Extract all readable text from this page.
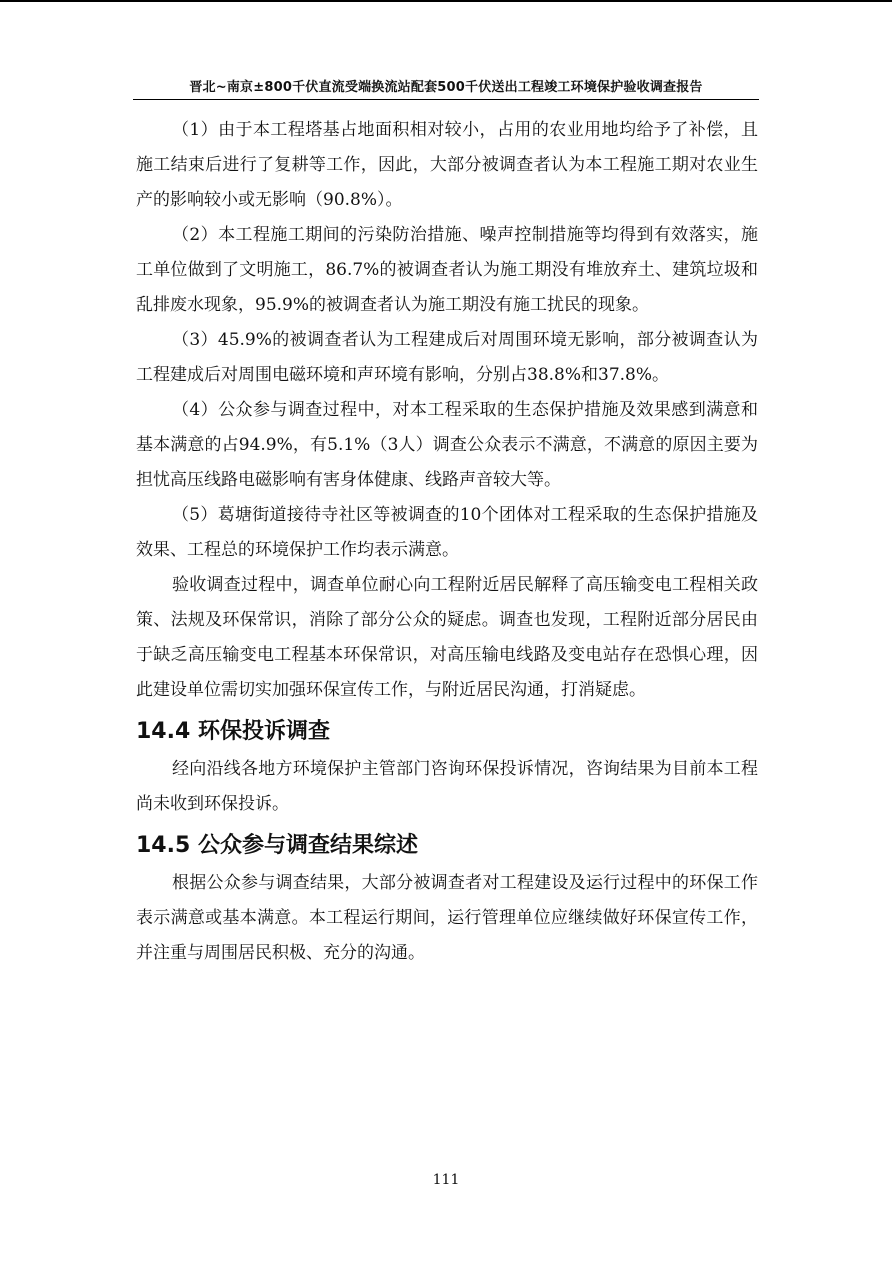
晋北~南京±800千伏直流受端换流站配套500千伏送出工程竣工环境保护验收调查报告

（1）由于本工程塔基占地面积相对较小，占用的农业用地均给予了补偿，且施工结束后进行了复耕等工作，因此，大部分被调查者认为本工程施工期对农业生产的影响较小或无影响（90.8%）。

（2）本工程施工期间的污染防治措施、噪声控制措施等均得到有效落实，施工单位做到了文明施工，86.7%的被调查者认为施工期没有堆放弃土、建筑垃圾和乱排废水现象，95.9%的被调查者认为施工期没有施工扰民的现象。

（3）45.9%的被调查者认为工程建成后对周围环境无影响，部分被调查认为工程建成后对周围电磁环境和声环境有影响，分别占38.8%和37.8%。

（4）公众参与调查过程中，对本工程采取的生态保护措施及效果感到满意和基本满意的占94.9%，有5.1%（3人）调查公众表示不满意，不满意的原因主要为担忧高压线路电磁影响有害身体健康、线路声音较大等。

（5）葛塘街道接待寺社区等被调查的10个团体对工程采取的生态保护措施及效果、工程总的环境保护工作均表示满意。

验收调查过程中，调查单位耐心向工程附近居民解释了高压输变电工程相关政策、法规及环保常识，消除了部分公众的疑虑。调查也发现，工程附近部分居民由于缺乏高压输变电工程基本环保常识，对高压输电线路及变电站存在恐惧心理，因此建设单位需切实加强环保宣传工作，与附近居民沟通，打消疑虑。

14.4 环保投诉调查

经向沿线各地方环境保护主管部门咨询环保投诉情况，咨询结果为目前本工程尚未收到环保投诉。

14.5 公众参与调查结果综述

根据公众参与调查结果，大部分被调查者对工程建设及运行过程中的环保工作表示满意或基本满意。本工程运行期间，运行管理单位应继续做好环保宣传工作，并注重与周围居民积极、充分的沟通。

111
